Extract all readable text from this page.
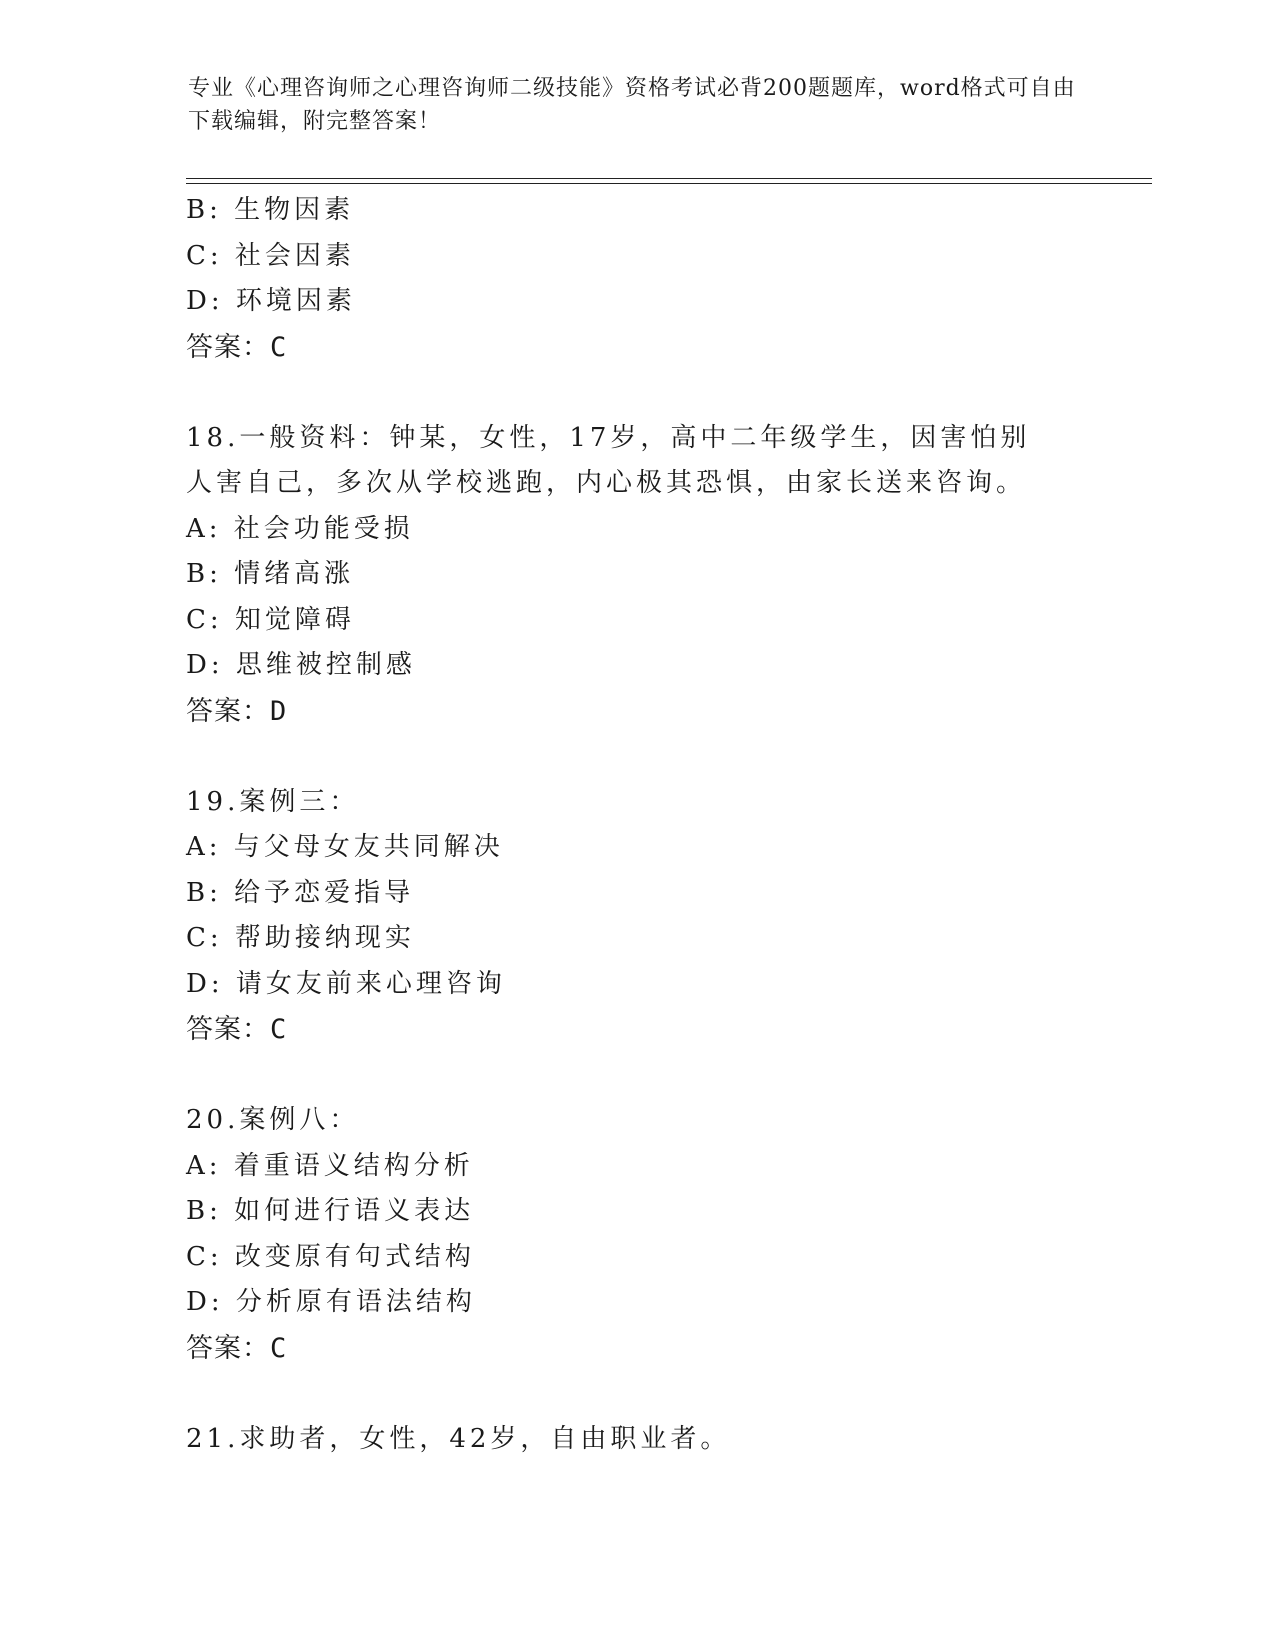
专业《心理咨询师之心理咨询师二级技能》资格考试必背200题题库，word格式可自由下载编辑，附完整答案！
B: 生物因素
C: 社会因素
D: 环境因素
答案：C
18.一般资料：钟某，女性，17岁，高中二年级学生，因害怕别人害自己，多次从学校逃跑，内心极其恐惧，由家长送来咨询。
A: 社会功能受损
B: 情绪高涨
C: 知觉障碍
D: 思维被控制感
答案：D
19.案例三：
A: 与父母女友共同解决
B: 给予恋爱指导
C: 帮助接纳现实
D: 请女友前来心理咨询
答案：C
20.案例八：
A: 着重语义结构分析
B: 如何进行语义表达
C: 改变原有句式结构
D: 分析原有语法结构
答案：C
21.求助者，女性，42岁，自由职业者。
